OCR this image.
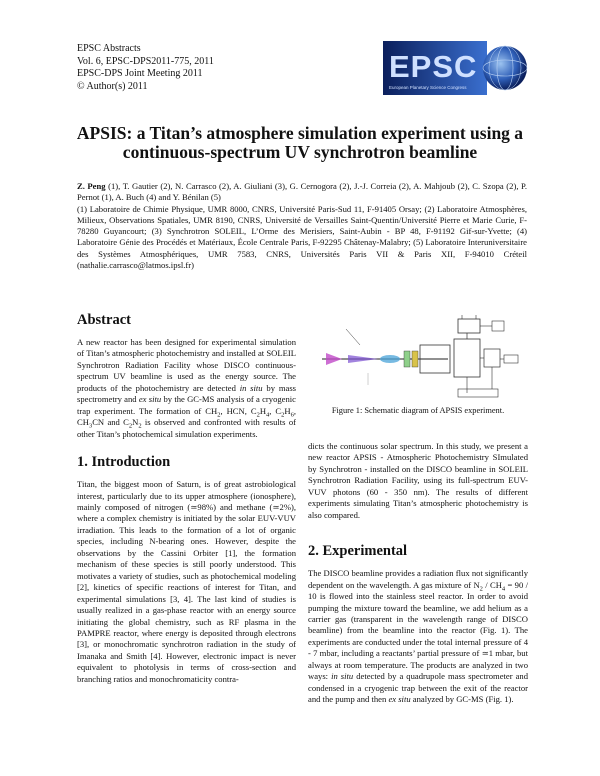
EPSC Abstracts
Vol. 6, EPSC-DPS2011-775, 2011
EPSC-DPS Joint Meeting 2011
© Author(s) 2011
EPSC
European Planetary Science Congress
APSIS: a Titan’s atmosphere simulation experiment using a
continuous-spectrum UV synchrotron beamline
Z. Peng (1), T. Gautier (2), N. Carrasco (2), A. Giuliani (3), G. Cernogora (2), J.-J. Correia (2), A. Mahjoub (2), C. Szopa (2), P. Pernot (1), A. Buch (4) and Y. Bénilan (5)
(1) Laboratoire de Chimie Physique, UMR 8000, CNRS, Université Paris-Sud 11, F-91405 Orsay; (2) Laboratoire Atmosphères, Milieux, Observations Spatiales, UMR 8190, CNRS, Université de Versailles Saint-Quentin/Université Pierre et Marie Curie, F-78280 Guyancourt; (3) Synchrotron SOLEIL, L’Orme des Merisiers, Saint-Aubin - BP 48, F-91192 Gif-sur-Yvette; (4) Laboratoire Génie des Procédés et Matériaux, École Centrale Paris, F-92295 Châtenay-Malabry; (5) Laboratoire Interuniversitaire des Systèmes Atmosphériques, UMR 7583, CNRS, Universités Paris VII & Paris XII, F-94010 Créteil (nathalie.carrasco@latmos.ipsl.fr)
Abstract

A new reactor has been designed for experimental simulation of Titan’s atmospheric photochemistry and installed at SOLEIL Synchrotron Radiation Facility whose DISCO continuous-spectrum UV beamline is used as the energy source. The products of the photochemistry are detected in situ by mass spectrometry and ex situ by the GC-MS analysis of a cryogenic trap experiment. The formation of $CH_2$, HCN, $C_2H_4$, $C_2H_6$, $CH_3CN$ and $C_2N_2$ is observed and confronted with results of other Titan’s photochemical simulation experiments.

1. Introduction

Titan, the biggest moon of Saturn, is of great astrobiological interest, particularly due to its upper atmosphere (ionosphere), mainly composed of nitrogen (≃98%) and methane (≃2%), where a complex chemistry is initiated by the solar EUV-VUV irradiation. This leads to the formation of a lot of organic species, including N-bearing ones. However, despite the observations by the Cassini Orbiter [1], the formation mechanism of these species is still poorly understood. This motivates a variety of studies, such as photochemical modeling [2], kinetics of specific reactions of interest for Titan, and experimental simulations [3, 4]. The last kind of studies is usually realized in a gas-phase reactor with an energy source initiating the global chemistry, such as RF plasma in the PAMPRE reactor, where energy is deposited through electrons [3], or monochromatic synchrotron radiation in the study of Imanaka and Smith [4]. However, electronic impact is never equivalent to photolysis in terms of cross-section and branching ratios and monochromaticity contra-

Figure 1: Schematic diagram of APSIS experiment.

dicts the continuous solar spectrum. In this study, we present a new reactor APSIS - Atmospheric Photochemistry SImulated by Synchrotron - installed on the DISCO beamline in SOLEIL Synchrotron Radiation Facility, using its full-spectrum EUV-VUV photons (60 - 350 nm). The results of different experiments simulating Titan’s atmospheric photochemistry is also compared.

2. Experimental

The DISCO beamline provides a radiation flux not significantly dependent on the wavelength. A gas mixture of $N_2 / CH_4 = 90 / 10$ is flowed into the stainless steel reactor. In order to avoid pumping the mixture toward the beamline, we add helium as a carrier gas (transparent in the wavelength range of DISCO beamline) from the beamline into the reactor (Fig. 1). The experiments are conducted under the total internal pressure of 4 - 7 mbar, including a reactants’ partial pressure of ≃1 mbar, but always at room temperature. The products are analyzed in two ways: in situ detected by a quadrupole mass spectrometer and condensed in a cryogenic trap between the exit of the reactor and the pump and then ex situ analyzed by GC-MS (Fig. 1).
